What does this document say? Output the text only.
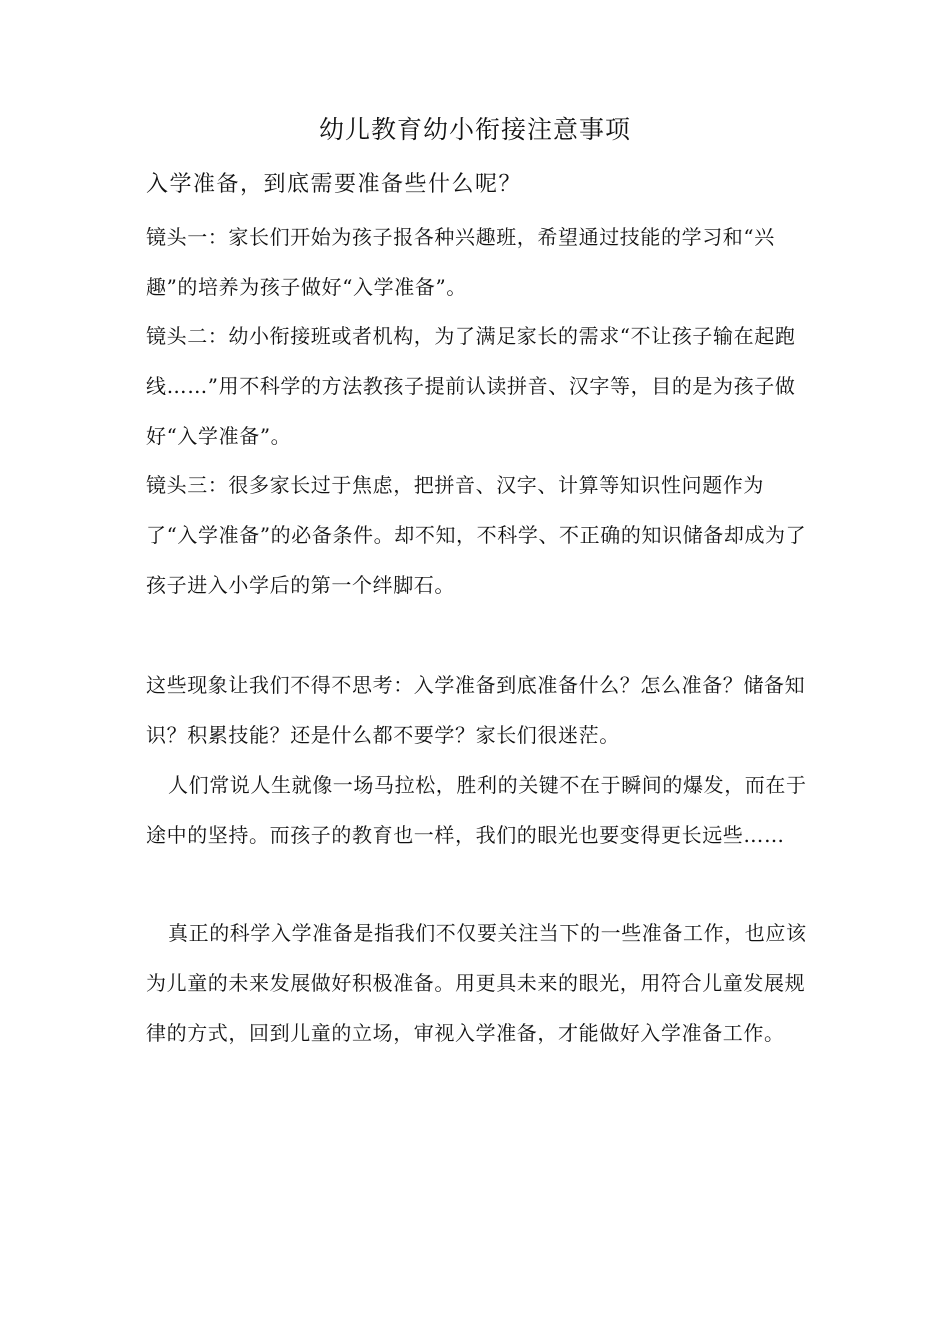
幼儿教育幼小衔接注意事项
入学准备，到底需要准备些什么呢？

镜头一：家长们开始为孩子报各种兴趣班，希望通过技能的学习和“兴趣”的培养为孩子做好“入学准备”。

镜头二：幼小衔接班或者机构，为了满足家长的需求“不让孩子输在起跑线……”用不科学的方法教孩子提前认读拼音、汉字等，目的是为孩子做好“入学准备”。

镜头三：很多家长过于焦虑，把拼音、汉字、计算等知识性问题作为了“入学准备”的必备条件。却不知，不科学、不正确的知识储备却成为了孩子进入小学后的第一个绊脚石。

这些现象让我们不得不思考：入学准备到底准备什么？怎么准备？储备知识？积累技能？还是什么都不要学？家长们很迷茫。

人们常说人生就像一场马拉松，胜利的关键不在于瞬间的爆发，而在于途中的坚持。而孩子的教育也一样，我们的眼光也要变得更长远些……

真正的科学入学准备是指我们不仅要关注当下的一些准备工作，也应该为儿童的未来发展做好积极准备。用更具未来的眼光，用符合儿童发展规律的方式，回到儿童的立场，审视入学准备，才能做好入学准备工作。
